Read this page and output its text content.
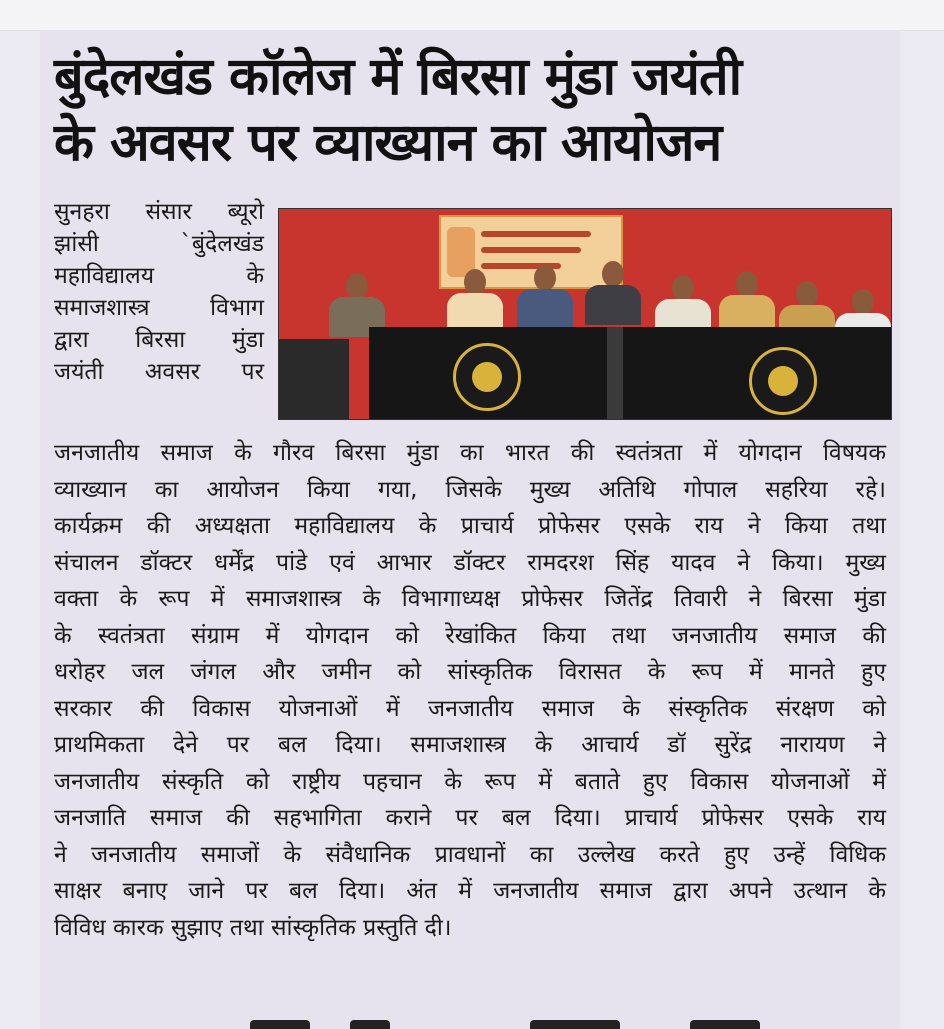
बुंदेलखंड कॉलेज में बिरसा मुंडा जयंती
के अवसर पर व्याख्यान का आयोजन
सुनहरा संसार ब्यूरो
झांसी `बुंदेलखंड
महाविद्यालय के
समाजशास्त्र विभाग
द्वारा बिरसा मुंडा
जयंती अवसर पर
जनजातीय समाज के गौरव बिरसा मुंडा का भारत की स्वतंत्रता में योगदान विषयक
व्याख्यान का आयोजन किया गया, जिसके मुख्य अतिथि गोपाल सहरिया रहे।
कार्यक्रम की अध्यक्षता महाविद्यालय के प्राचार्य प्रोफेसर एसके राय ने किया तथा
संचालन डॉक्टर धर्मेंद्र पांडे एवं आभार डॉक्टर रामदरश सिंह यादव ने किया। मुख्य
वक्ता के रूप में समाजशास्त्र के विभागाध्यक्ष प्रोफेसर जितेंद्र तिवारी ने बिरसा मुंडा
के स्वतंत्रता संग्राम में योगदान को रेखांकित किया तथा जनजातीय समाज की
धरोहर जल जंगल और जमीन को सांस्कृतिक विरासत के रूप में मानते हुए
सरकार की विकास योजनाओं में जनजातीय समाज के संस्कृतिक संरक्षण को
प्राथमिकता देने पर बल दिया। समाजशास्त्र के आचार्य डॉ सुरेंद्र नारायण ने
जनजातीय संस्कृति को राष्ट्रीय पहचान के रूप में बताते हुए विकास योजनाओं में
जनजाति समाज की सहभागिता कराने पर बल दिया। प्राचार्य प्रोफेसर एसके राय
ने जनजातीय समाजों के संवैधानिक प्रावधानों का उल्लेख करते हुए उन्हें विधिक
साक्षर बनाए जाने पर बल दिया। अंत में जनजातीय समाज द्वारा अपने उत्थान के
विविध कारक सुझाए तथा सांस्कृतिक प्रस्तुति दी।
